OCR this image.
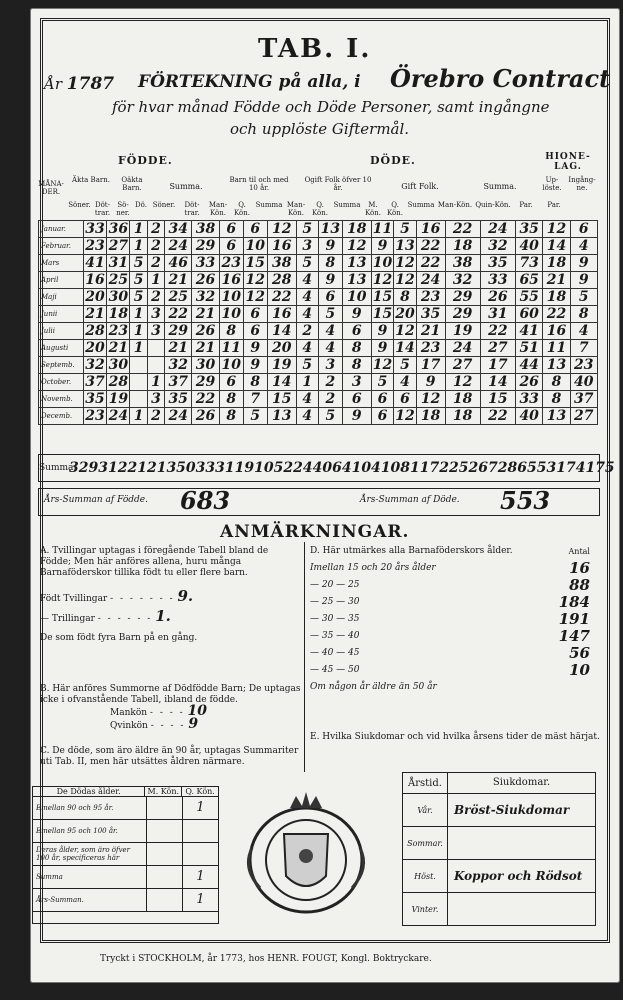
TAB. I.
År 1787 FÖRTEKNING på alla, i Örebro Contract
för hvar månad Födde och Döde Personer, samt ingångne
och upplöste Giftermål.
FÖDDE.	DÖDE.	HIONE-LAG.
MÅNA-DER.
Äkta Barn.	Oäkta Barn.	Summa.
Barn til och med 10 år.
Ogift Folk öfver 10 år.	Gift Folk.	Summa.
Up-löste.
Ingång-ne.
Söner. Döt-trar.
Sö-ner.
Dö. Söner.	Döt-trar.
Man-Kön.
Q. Kön.
Summa Man-Kön.
Q. Kön.
Summa	M. Kön.
Q. Kön.
Summa Man-Kön. Quin-Kön.	Par.	Par.
Januar.	33	36	1	2	34	38	6	6	12	5	13	18	11	5	16	22	24	35	12	6
Februar.	23	27	1	2	24	29	6	10	16	3	9	12	9	13	22	18	32	40	14	4
Mars	41	31	5	2	46	33	23	15	38	5	8	13	10	12	22	38	35	73	18	9
April	16	25	5	1	21	26	16	12	28	4	9	13	12	12	24	32	33	65	21	9
Maji	20	30	5	2	25	32	10	12	22	4	6	10	15	8	23	29	26	55	18	5
Junii	21	18	1	3	22	21	10	6	16	4	5	9	15	20	35	29	31	60	22	8
Julii	28	23	1	3	29	26	8	6	14	2	4	6	9	12	21	19	22	41	16	4
Augusti	20	21	1		21	21	11	9	20	4	4	8	9	14	23	24	27	51	11	7
Septemb.	32	30			32	30	10	9	19	5	3	8	12	5	17	27	17	44	13	23
October.	37	28		1	37	29	6	8	14	1	2	3	5	4	9	12	14	26	8	40
Novemb.	35	19		3	35	22	8	7	15	4	2	6	6	6	12	18	15	33	8	37
Decemb.	23	24	1	2	24	26	8	5	13	4	5	9	6	12	18	18	22	40	13	27
Summa
329 312 21 21 350 333 119 105 224 40 64 104 108 117 225 267 286 553 174 175
Års-Summan af Födde. 683	Års-Summan af Döde. 553
ANMÄRKNINGAR.
A. Tvillingar uptagas i föregående Tabell bland de Födde; Men här anföres allena, huru många Barnaföderskor tillika födt tu eller flere barn.
Födt Tvillingar - - - - - - - 9.
— Trillingar - - - - - - 1.
De som födt fyra Barn på en gång.
B. Här anföres Summorne af Dödfödde Barn; De uptagas icke i ofvanstående Tabell, ibland de födde.
Mankön - - - - 10
Qvinkön - - - - 9
C. De döde, som äro äldre än 90 år, uptagas Summariter uti Tab. II, men här utsättes åldren närmare.
D. Här utmärkes alla Barnaföderskors ålder.	Antal
Imellan 15 och 20 års ålder	16
— 20 — 25	88
— 25 — 30	184
— 30 — 35	191
— 35 — 40	147
— 40 — 45	56
— 45 — 50	10
Om någon år äldre än 50 år
E. Hvilka Siukdomar och vid hvilka årsens tider de mäst härjat.
De Dödas ålder.	M. Kön. Q. Kön.
Emellan 90 och 95 år.	1
Emellan 95 och 100 år.
Deras ålder, som äro öfver 100 år, specificeras här
Summa	1
Års-Summan.	1
Årstid.	Siukdomar.
Vår.	Bröst-Siukdomar
Sommar.
Höst.	Koppor och Rödsot
Vinter.
Tryckt i STOCKHOLM, år 1773, hos HENR. FOUGT, Kongl. Boktryckare.
